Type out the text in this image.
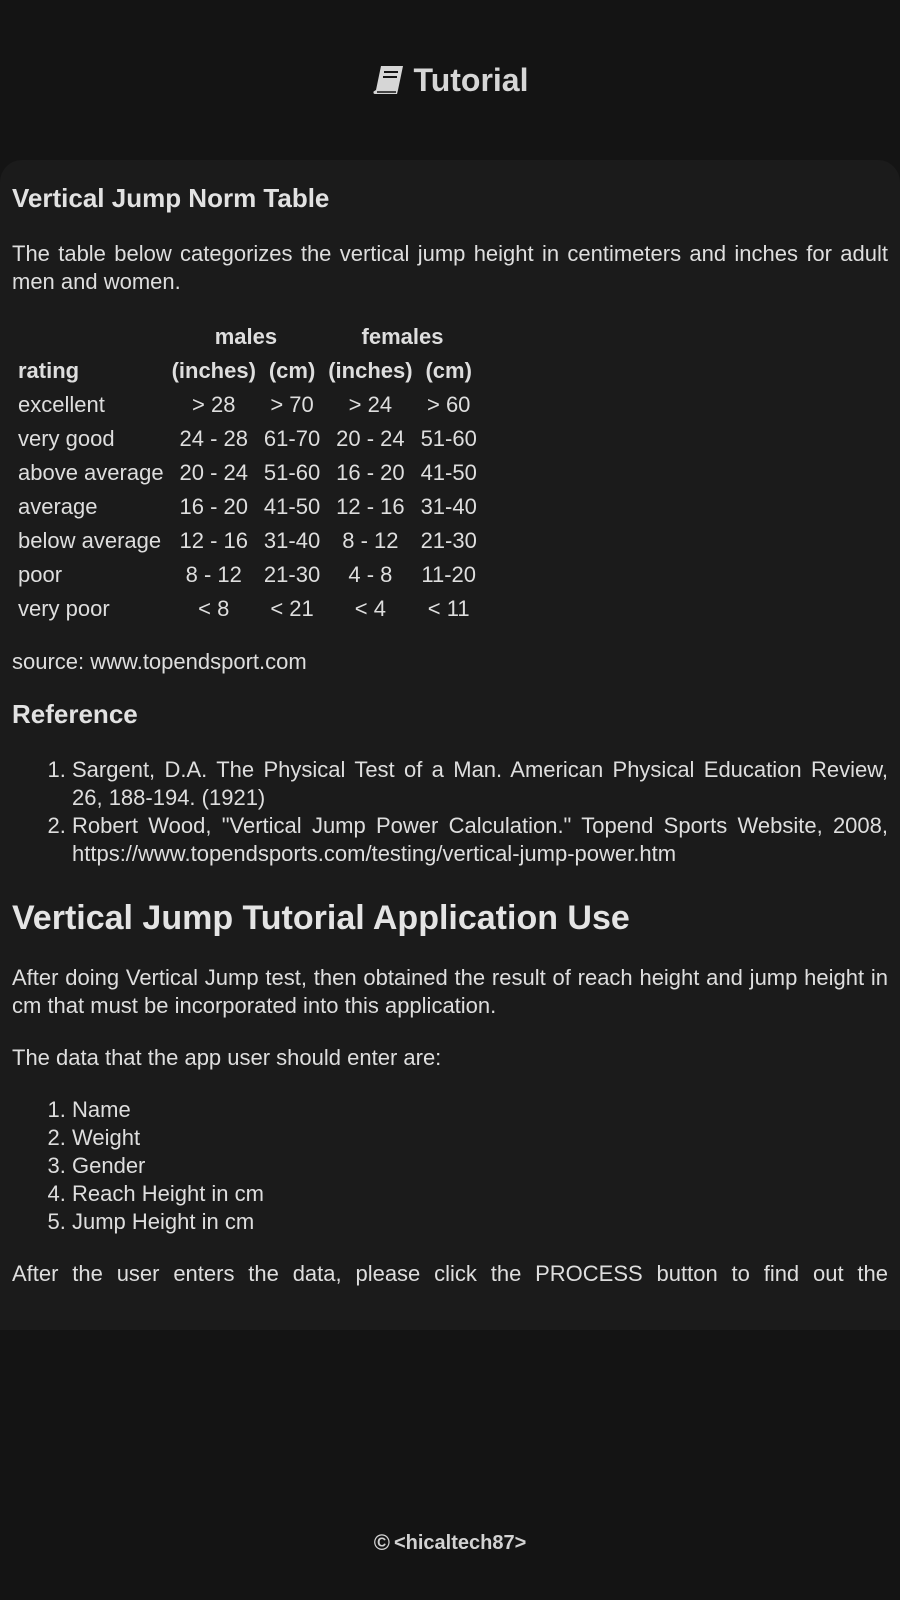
Tutorial
Vertical Jump Norm Table

The table below categorizes the vertical jump height in centimeters and inches for adult men and women.

	males		females	
rating	(inches)	(cm)	(inches)	(cm)
excellent	> 28	> 70	> 24	> 60
very good	24 - 28	61-70	20 - 24	51-60
above average	20 - 24	51-60	16 - 20	41-50
average	16 - 20	41-50	12 - 16	31-40
below average	12 - 16	31-40	8 - 12	21-30
poor	8 - 12	21-30	4 - 8	11-20
very poor	< 8	< 21	< 4	< 11

source: www.topendsport.com

Reference
1. Sargent, D.A. The Physical Test of a Man. American Physical Education Review, 26, 188-194. (1921)
2. Robert Wood, "Vertical Jump Power Calculation." Topend Sports Website, 2008, https://www.topendsports.com/testing/vertical-jump-power.htm
Vertical Jump Tutorial Application Use

After doing Vertical Jump test, then obtained the result of reach height and jump height in cm that must be incorporated into this application.

The data that the app user should enter are:

1. Name
2. Weight
3. Gender
4. Reach Height in cm
5. Jump Height in cm

After the user enters the data, please click the PROCESS button to find out the

© <hicaltech87>
